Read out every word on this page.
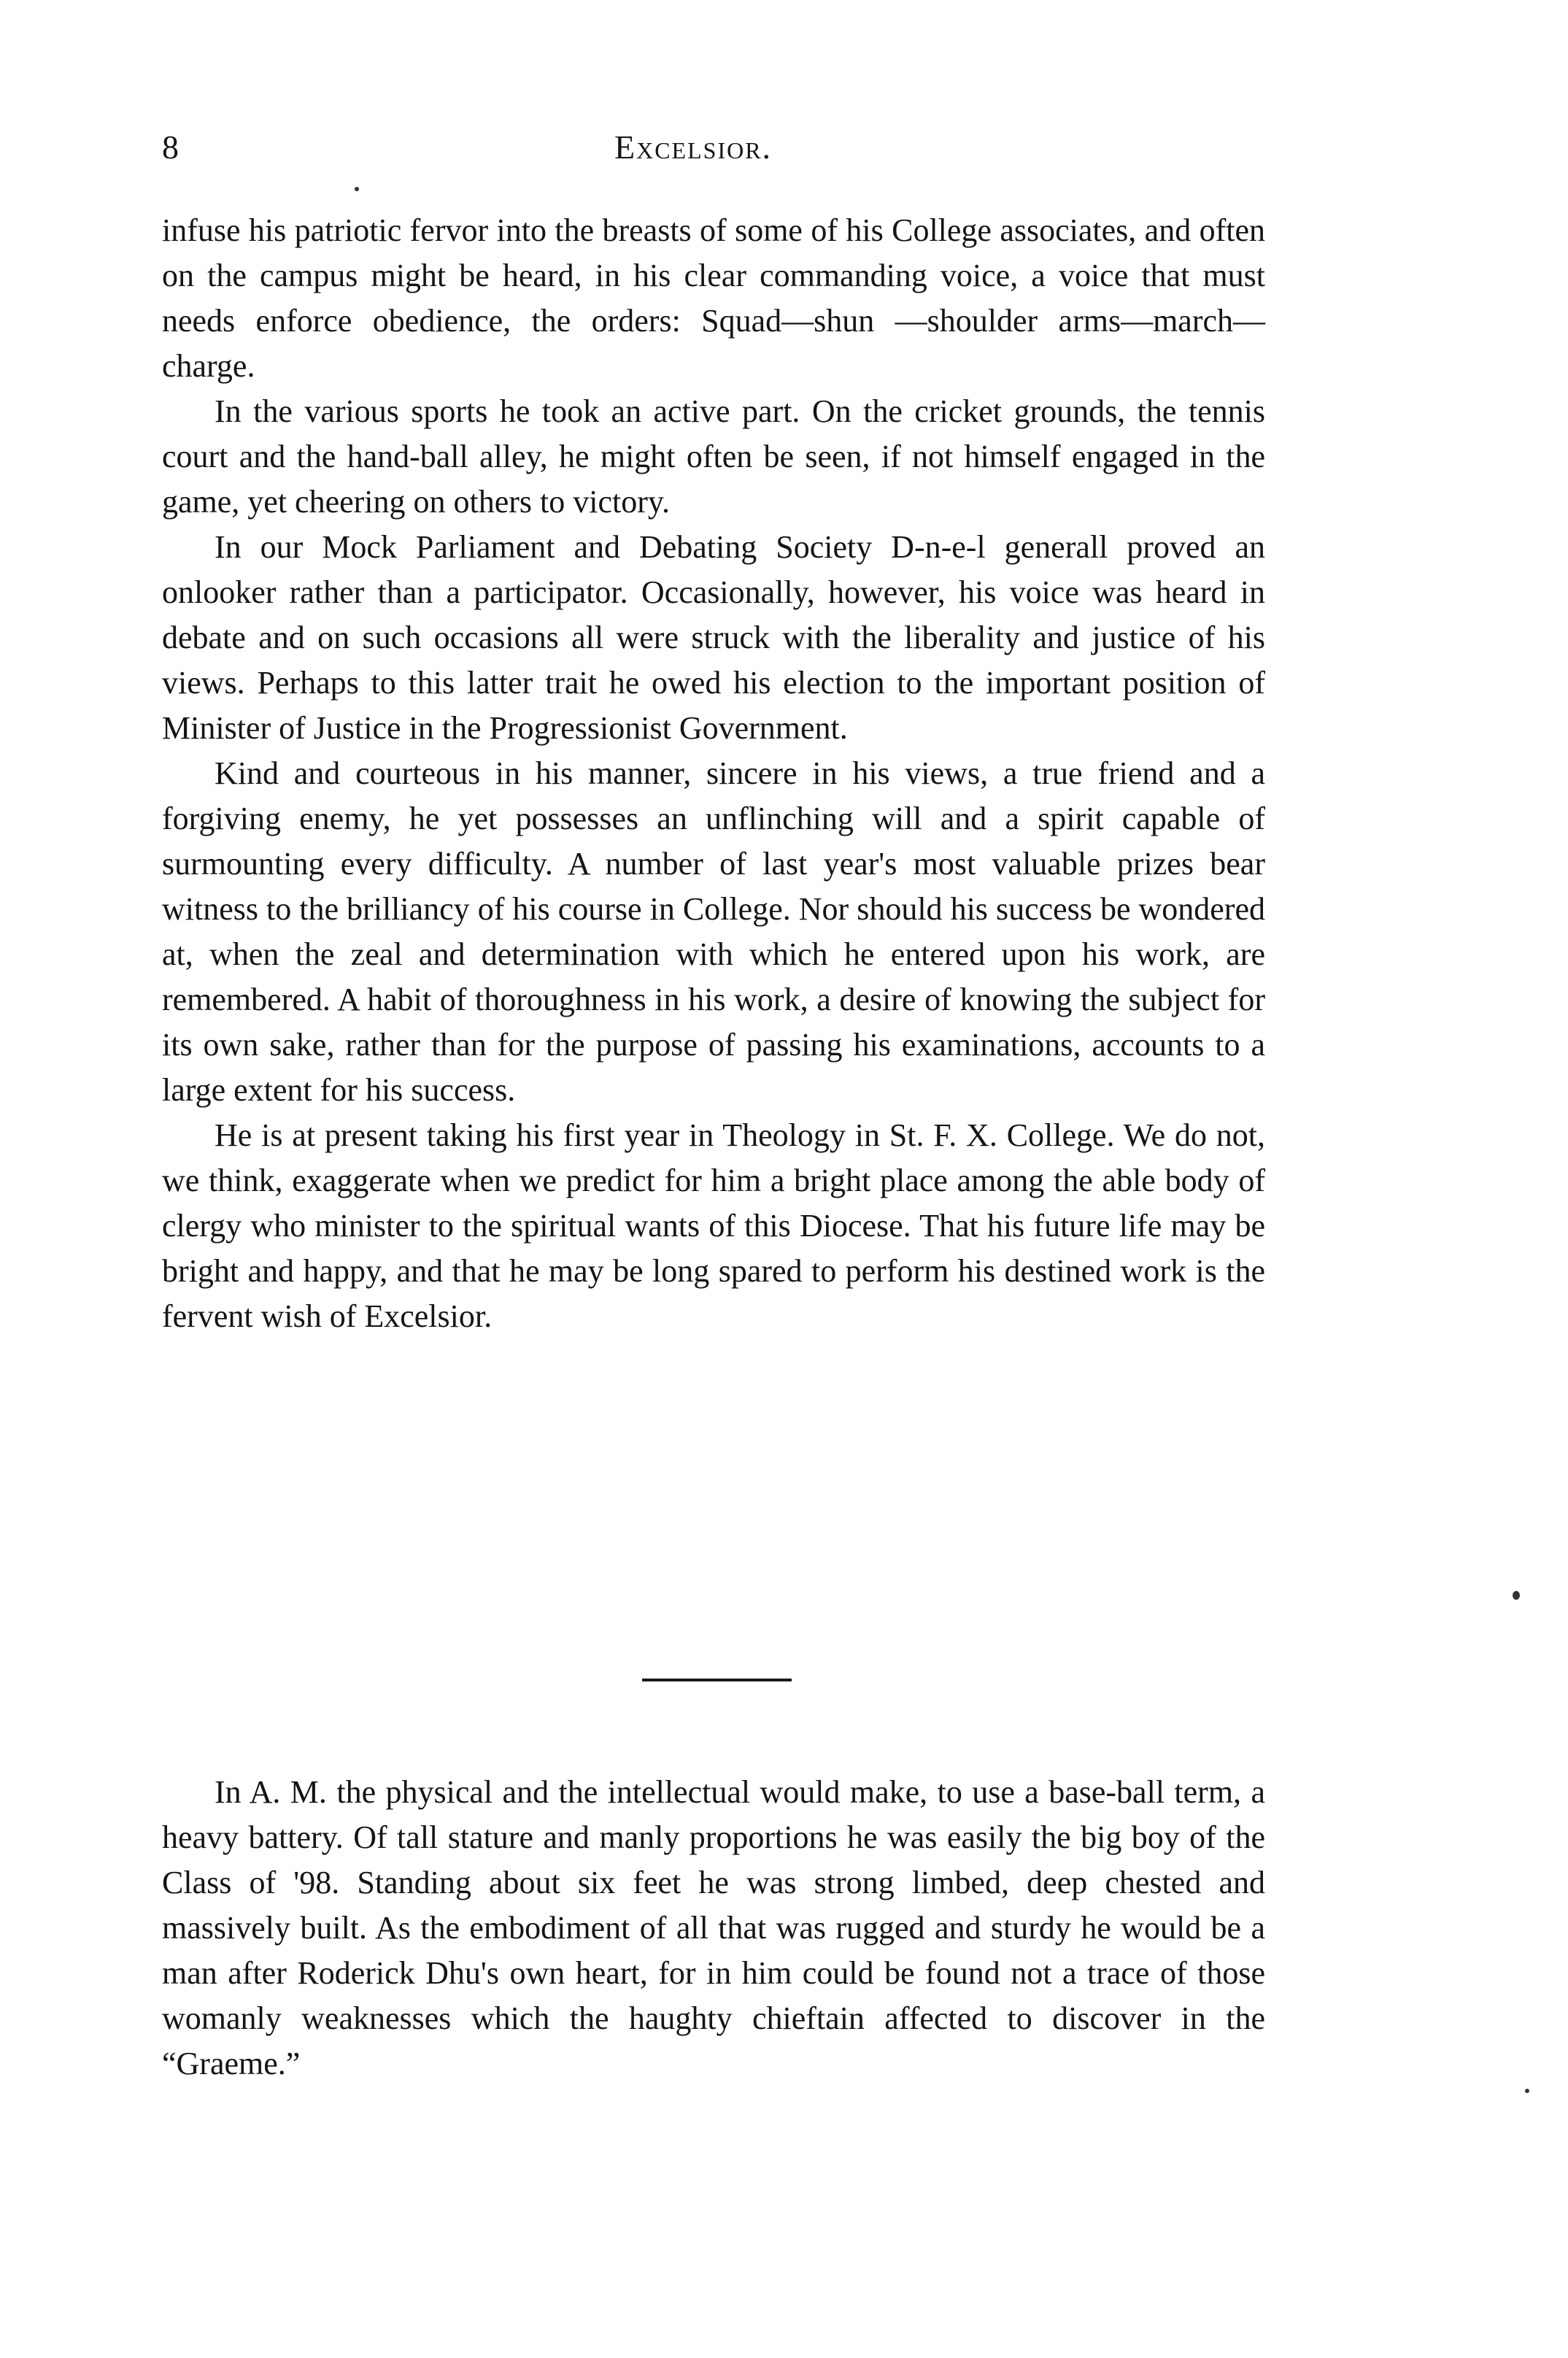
8	Excelsior.

infuse his patriotic fervor into the breasts of some of his College associates, and often on the campus might be heard, in his clear commanding voice, a voice that must needs enforce obedience, the orders: Squad—shun —shoulder arms—march—charge.

In the various sports he took an active part. On the cricket grounds, the tennis court and the hand-ball alley, he might often be seen, if not himself engaged in the game, yet cheering on others to victory.

In our Mock Parliament and Debating Society D-n-e-l generall proved an onlooker rather than a participator. Occasionally, however, his voice was heard in debate and on such occasions all were struck with the liberality and justice of his views. Perhaps to this latter trait he owed his election to the important position of Minister of Justice in the Progressionist Government.

Kind and courteous in his manner, sincere in his views, a true friend and a forgiving enemy, he yet possesses an unflinching will and a spirit capable of surmounting every difficulty. A number of last year's most valuable prizes bear witness to the brilliancy of his course in College. Nor should his success be wondered at, when the zeal and determination with which he entered upon his work, are remembered. A habit of thoroughness in his work, a desire of knowing the subject for its own sake, rather than for the purpose of passing his examinations, accounts to a large extent for his success.

He is at present taking his first year in Theology in St. F. X. College. We do not, we think, exaggerate when we predict for him a bright place among the able body of clergy who minister to the spiritual wants of this Diocese. That his future life may be bright and happy, and that he may be long spared to perform his destined work is the fervent wish of Excelsior.

In A. M. the physical and the intellectual would make, to use a base-ball term, a heavy battery. Of tall stature and manly proportions he was easily the big boy of the Class of '98. Standing about six feet he was strong limbed, deep chested and massively built. As the embodiment of all that was rugged and sturdy he would be a man after Roderick Dhu's own heart, for in him could be found not a trace of those womanly weaknesses which the haughty chieftain affected to discover in the “Graeme.”
